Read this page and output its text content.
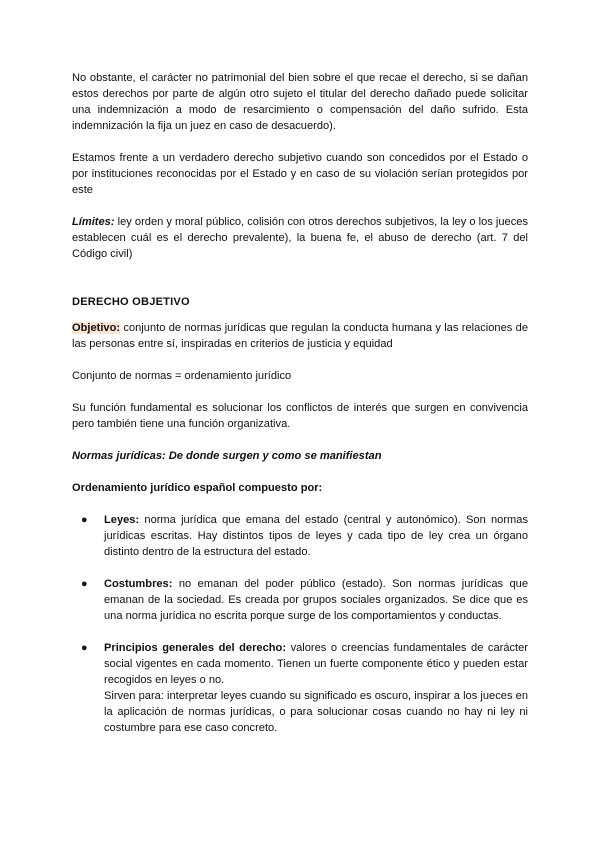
No obstante, el carácter no patrimonial del bien sobre el que recae el derecho, si se dañan estos derechos por parte de algún otro sujeto el titular del derecho dañado puede solicitar una indemnización a modo de resarcimiento o compensación del daño sufrido. Esta indemnización la fija un juez en caso de desacuerdo).

Estamos frente a un verdadero derecho subjetivo cuando son concedidos por el Estado o por instituciones reconocidas por el Estado y en caso de su violación serían protegidos por este

Límites: ley orden y moral público, colisión con otros derechos subjetivos, la ley o los jueces establecen cuál es el derecho prevalente), la buena fe, el abuso de derecho (art. 7 del Código civil)

DERECHO OBJETIVO

Objetivo: conjunto de normas jurídicas que regulan la conducta humana y las relaciones de las personas entre sí, inspiradas en criterios de justicia y equidad

Conjunto de normas = ordenamiento jurídico

Su función fundamental es solucionar los conflictos de interés que surgen en convivencia pero también tiene una función organizativa.

Normas jurídicas: De donde surgen y como se manifiestan

Ordenamiento jurídico español compuesto por:

●	Leyes: norma jurídica que emana del estado (central y autonómico). Son normas jurídicas escritas. Hay distintos tipos de leyes y cada tipo de ley crea un órgano distinto dentro de la estructura del estado.
●	Costumbres: no emanan del poder público (estado). Son normas jurídicas que emanan de la sociedad. Es creada por grupos sociales organizados. Se dice que es una norma jurídica no escrita porque surge de los comportamientos y conductas.
●	Principios generales del derecho: valores o creencias fundamentales de carácter social vigentes en cada momento. Tienen un fuerte componente ético y pueden estar recogidos en leyes o no.
Sirven para: interpretar leyes cuando su significado es oscuro, inspirar a los jueces en la aplicación de normas jurídicas, o para solucionar cosas cuando no hay ni ley ni costumbre para ese caso concreto.
